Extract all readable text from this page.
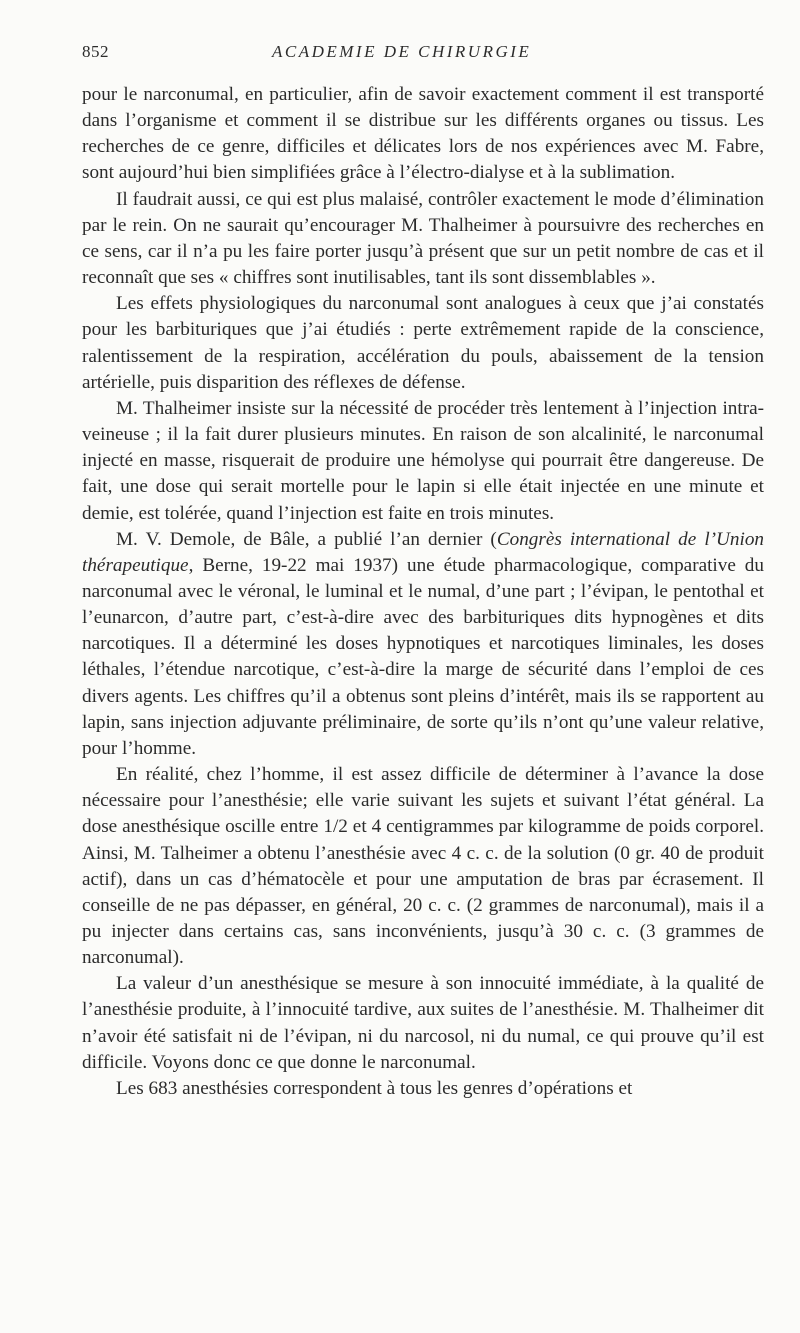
852	ACADEMIE DE CHIRURGIE

pour le narconumal, en particulier, afin de savoir exactement comment il est transporté dans l’organisme et comment il se distribue sur les différents organes ou tissus. Les recherches de ce genre, difficiles et délicates lors de nos expériences avec M. Fabre, sont aujourd’hui bien simplifiées grâce à l’électro-dialyse et à la sublimation.

Il faudrait aussi, ce qui est plus malaisé, contrôler exactement le mode d’élimination par le rein. On ne saurait qu’encourager M. Thalheimer à poursuivre des recherches en ce sens, car il n’a pu les faire porter jusqu’à présent que sur un petit nombre de cas et il reconnaît que ses « chiffres sont inutilisables, tant ils sont dissemblables ».

Les effets physiologiques du narconumal sont analogues à ceux que j’ai constatés pour les barbituriques que j’ai étudiés : perte extrêmement rapide de la conscience, ralentissement de la respiration, accélération du pouls, abaissement de la tension artérielle, puis disparition des réflexes de défense.

M. Thalheimer insiste sur la nécessité de procéder très lentement à l’injection intra-veineuse ; il la fait durer plusieurs minutes. En raison de son alcalinité, le narconumal injecté en masse, risquerait de produire une hémolyse qui pourrait être dangereuse. De fait, une dose qui serait mortelle pour le lapin si elle était injectée en une minute et demie, est tolérée, quand l’injection est faite en trois minutes.

M. V. Demole, de Bâle, a publié l’an dernier (Congrès international de l’Union thérapeutique, Berne, 19-22 mai 1937) une étude pharmacologique, comparative du narconumal avec le véronal, le luminal et le numal, d’une part ; l’évipan, le pentothal et l’eunarcon, d’autre part, c’est-à-dire avec des barbituriques dits hypnogènes et dits narcotiques. Il a déterminé les doses hypnotiques et narcotiques liminales, les doses léthales, l’étendue narcotique, c’est-à-dire la marge de sécurité dans l’emploi de ces divers agents. Les chiffres qu’il a obtenus sont pleins d’intérêt, mais ils se rapportent au lapin, sans injection adjuvante préliminaire, de sorte qu’ils n’ont qu’une valeur relative, pour l’homme.

En réalité, chez l’homme, il est assez difficile de déterminer à l’avance la dose nécessaire pour l’anesthésie; elle varie suivant les sujets et suivant l’état général. La dose anesthésique oscille entre 1/2 et 4 centigrammes par kilogramme de poids corporel. Ainsi, M. Talheimer a obtenu l’anesthésie avec 4 c. c. de la solution (0 gr. 40 de produit actif), dans un cas d’hématocèle et pour une amputation de bras par écrasement. Il conseille de ne pas dépasser, en général, 20 c. c. (2 grammes de narconumal), mais il a pu injecter dans certains cas, sans inconvénients, jusqu’à 30 c. c. (3 grammes de narconumal).

La valeur d’un anesthésique se mesure à son innocuité immédiate, à la qualité de l’anesthésie produite, à l’innocuité tardive, aux suites de l’anesthésie. M. Thalheimer dit n’avoir été satisfait ni de l’évipan, ni du narcosol, ni du numal, ce qui prouve qu’il est difficile. Voyons donc ce que donne le narconumal.

Les 683 anesthésies correspondent à tous les genres d’opérations et
